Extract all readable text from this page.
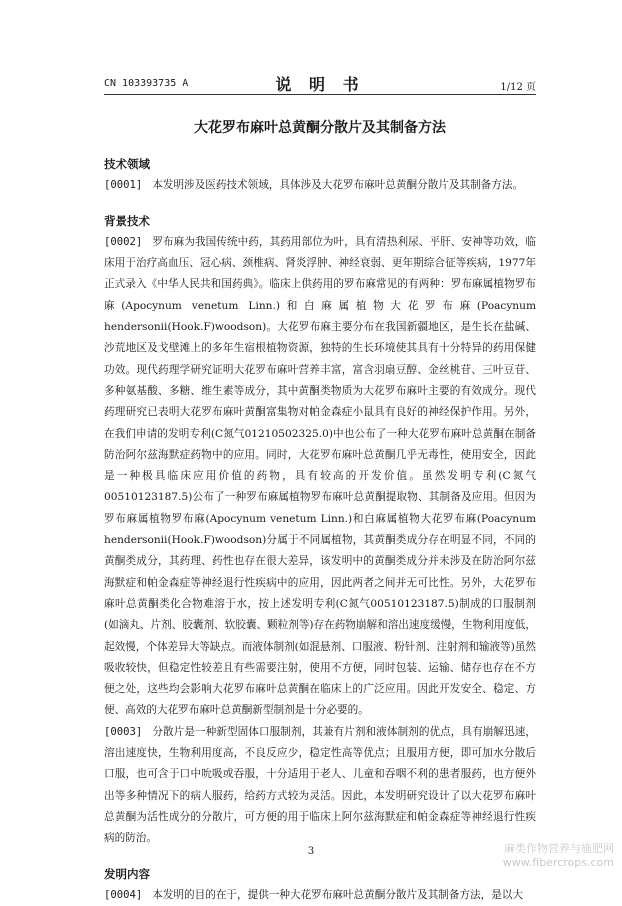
CN 103393735 A	说 明 书	1/12 页
大花罗布麻叶总黄酮分散片及其制备方法
技术领域
[0001] 本发明涉及医药技术领域，具体涉及大花罗布麻叶总黄酮分散片及其制备方法。
背景技术
[0002] 罗布麻为我国传统中药，其药用部位为叶，具有清热利尿、平肝、安神等功效，临床用于治疗高血压、冠心病、颈椎病、肾炎浮肿、神经衰弱、更年期综合征等疾病，1977年正式录入《中华人民共和国药典》。临床上供药用的罗布麻常见的有两种：罗布麻属植物罗布麻(Apocynum venetum Linn.)和白麻属植物大花罗布麻(Poacynum hendersonii(Hook.F)woodson)。大花罗布麻主要分布在我国新疆地区，是生长在盐碱、沙荒地区及戈壁滩上的多年生宿根植物资源，独特的生长环境使其具有十分特异的药用保健功效。现代药理学研究证明大花罗布麻叶营养丰富，富含羽扇豆醇、金丝桃苷、三叶豆苷、多种氨基酸、多糖、维生素等成分，其中黄酮类物质为大花罗布麻叶主要的有效成分。现代药理研究已表明大花罗布麻叶黄酮富集物对帕金森症小鼠具有良好的神经保护作用。另外，在我们申请的发明专利(C氮气01210502325.0)中也公布了一种大花罗布麻叶总黄酮在制备防治阿尔兹海默症药物中的应用。同时，大花罗布麻叶总黄酮几乎无毒性，使用安全，因此是一种极具临床应用价值的药物，具有较高的开发价值。虽然发明专利(C氮气00510123187.5)公布了一种罗布麻属植物罗布麻叶总黄酮提取物、其制备及应用。但因为罗布麻属植物罗布麻(Apocynum venetum Linn.)和白麻属植物大花罗布麻(Poacynum hendersonii(Hook.F)woodson)分属于不同属植物，其黄酮类成分存在明显不同，不同的黄酮类成分，其药理、药性也存在很大差异，该发明中的黄酮类成分并未涉及在防治阿尔兹海默症和帕金森症等神经退行性疾病中的应用，因此两者之间并无可比性。另外，大花罗布麻叶总黄酮类化合物难溶于水，按上述发明专利(C氮气00510123187.5)制成的口服制剂(如滴丸、片剂、胶囊剂、软胶囊、颗粒剂等)存在药物崩解和溶出速度缓慢，生物利用度低，起效慢，个体差异大等缺点。而液体制剂(如混悬剂、口服液、粉针剂、注射剂和输液等)虽然吸收较快，但稳定性较差且有些需要注射，使用不方便，同时包装、运输、储存也存在不方便之处，这些均会影响大花罗布麻叶总黄酮在临床上的广泛应用。因此开发安全、稳定、方便、高效的大花罗布麻叶总黄酮新型制剂是十分必要的。
[0003] 分散片是一种新型固体口服制剂，其兼有片剂和液体制剂的优点，具有崩解迅速，溶出速度快，生物利用度高，不良反应少，稳定性高等优点；且服用方便，即可加水分散后口服，也可含于口中吮吸或吞服，十分适用于老人、儿童和吞咽不利的患者服药，也方便外出等多种情况下的病人服药，给药方式较为灵活。因此，本发明研究设计了以大花罗布麻叶总黄酮为活性成分的分散片，可方便的用于临床上阿尔兹海默症和帕金森症等神经退行性疾病的防治。
发明内容
[0004] 本发明的目的在于，提供一种大花罗布麻叶总黄酮分散片及其制备方法，是以大
3	麻类作物营养与施肥网
www.fibercrops.com
